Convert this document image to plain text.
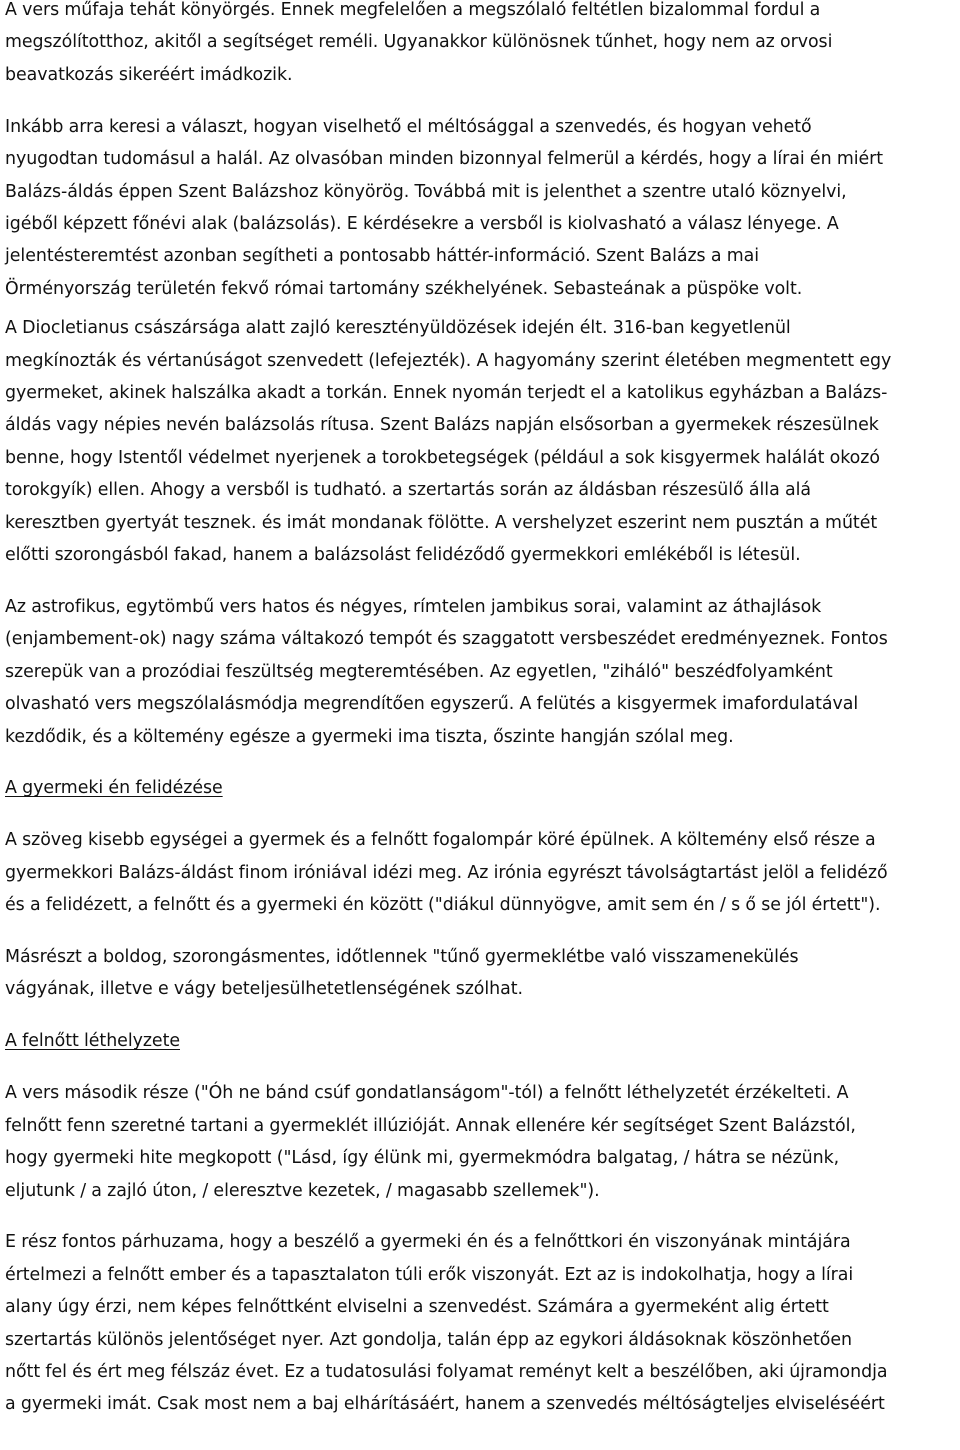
A vers műfaja tehát könyörgés. Ennek megfelelően a megszólaló feltétlen bizalommal fordul a
megszólítotthoz, akitől a segítséget reméli. Ugyanakkor különösnek tűnhet, hogy nem az orvosi
beavatkozás sikeréért imádkozik.

Inkább arra keresi a választ, hogyan viselhető el méltósággal a szenvedés, és hogyan vehető
nyugodtan tudomásul a halál. Az olvasóban minden bizonnyal felmerül a kérdés, hogy a lírai én miért
Balázs-áldás éppen Szent Balázshoz könyörög. Továbbá mit is jelenthet a szentre utaló köznyelvi,
igéből képzett főnévi alak (balázsolás). E kérdésekre a versből is kiolvasható a válasz lényege. A
jelentésteremtést azonban segítheti a pontosabb háttér-információ. Szent Balázs a mai
Örményország területén fekvő római tartomány székhelyének. Sebasteának a püspöke volt.

A Diocletianus császársága alatt zajló keresztényüldözések idején élt. 316-ban kegyetlenül
megkínozták és vértanúságot szenvedett (lefejezték). A hagyomány szerint életében megmentett egy
gyermeket, akinek halszálka akadt a torkán. Ennek nyomán terjedt el a katolikus egyházban a Balázs-
áldás vagy népies nevén balázsolás rítusa. Szent Balázs napján elsősorban a gyermekek részesülnek
benne, hogy Istentől védelmet nyerjenek a torokbetegségek (például a sok kisgyermek halálát okozó
torokgyík) ellen. Ahogy a versből is tudható. a szertartás során az áldásban részesülő álla alá
keresztben gyertyát tesznek. és imát mondanak fölötte. A vershelyzet eszerint nem pusztán a műtét
előtti szorongásból fakad, hanem a balázsolást felidéződő gyermekkori emlékéből is létesül.

Az astrofikus, egytömbű vers hatos és négyes, rímtelen jambikus sorai, valamint az áthajlások
(enjambement-ok) nagy száma váltakozó tempót és szaggatott versbeszédet eredményeznek. Fontos
szerepük van a prozódiai feszültség megteremtésében. Az egyetlen, "zihálό" beszédfolyamként
olvasható vers megszólaIásmódja megrendítően egyszerű. A felütés a kisgyermek imafordulatával
kezdődik, és a költemény egésze a gyermeki ima tiszta, őszinte hangján szólal meg.

A gyermeki én felidézése

A szöveg kisebb egységei a gyermek és a felnőtt fogalompár köré épülnek. A költemény első része a
gyermekkori Balázs-áldást finom iróniával idézi meg. Az irónia egyrészt távolságtartást jelöl a felidéző
és a felidézett, a felnőtt és a gyermeki én között ("diákul dünnyögve, amit sem én / s ő se jól értett").

Másrészt a boldog, szorongásmentes, időtlennek "tűnő gyermeklétbe való visszamenekülés
vágyának, illetve e vágy beteljesülhetetlenségének szólhat.

A felnőtt léthelyzete

A vers második része ("Óh ne bánd csúf gondatlanságom"-tól) a felnőtt léthelyzetét érzékelteti. A
felnőtt fenn szeretné tartani a gyermeklét illúzióját. Annak ellenére kér segítséget Szent Balázstól,
hogy gyermeki hite megkopott ("Lásd, így élünk mi, gyermekmódra balgatag, / hátra se nézünk,
eljutunk / a zajló úton, / eleresztve kezetek, / magasabb szellemek").

E rész fontos párhuzama, hogy a beszélő a gyermeki én és a felnőttkori én viszonyának mintájára
értelmezi a felnőtt ember és a tapasztalaton túli erők viszonyát. Ezt az is indokolhatja, hogy a lírai
alany úgy érzi, nem képes felnőttként elviselni a szenvedést. Számára a gyermeként alig értett
szertartás különös jelentőséget nyer. Azt gondolja, talán épp az egykori áldásoknak köszönhetően
nőtt fel és ért meg félszáz évet. Ez a tudatosulási folyamat reményt kelt a beszélőben, aki újramondja
a gyermeki imát. Csak most nem a baj elhárításáért, hanem a szenvedés méltóságteljes elviseléséért
